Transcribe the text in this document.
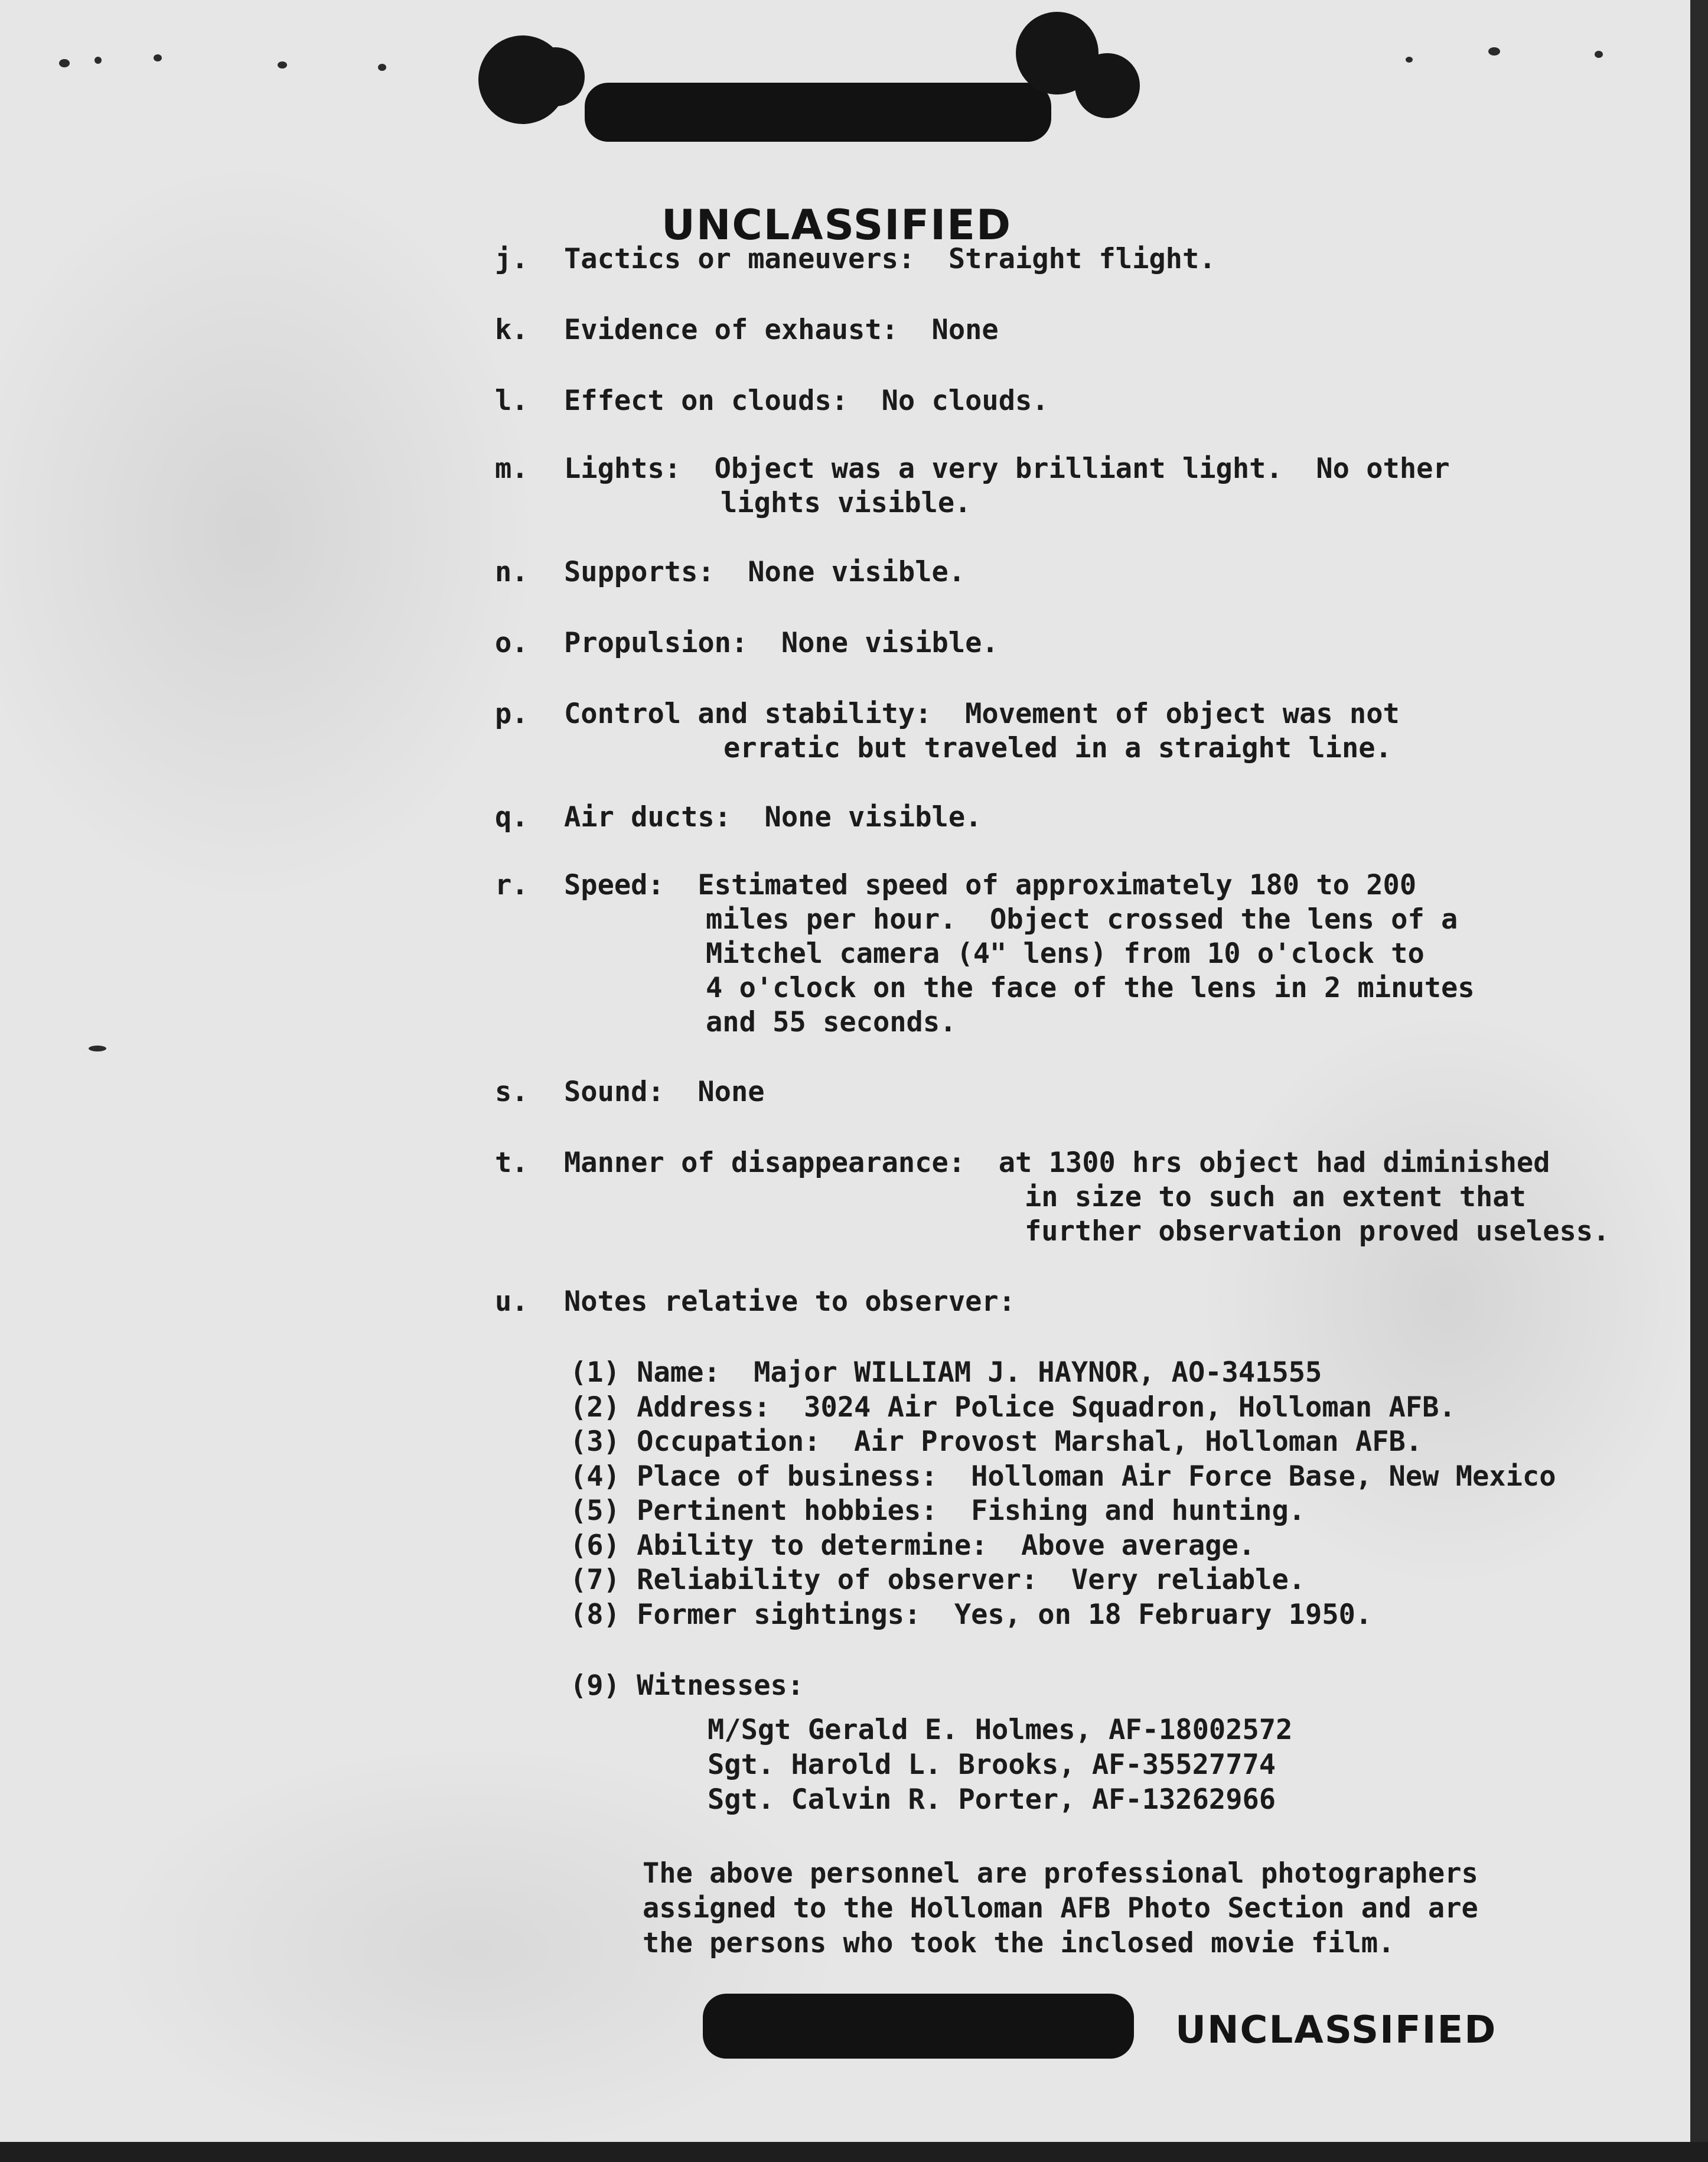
UNCLASSIFIED
j. Tactics or maneuvers:  Straight flight.
k. Evidence of exhaust:  None
l. Effect on clouds:  No clouds.
m. Lights:  Object was a very brilliant light.  No other
lights visible.
n. Supports:  None visible.
o. Propulsion:  None visible.
p. Control and stability:  Movement of object was not
erratic but traveled in a straight line.
q. Air ducts:  None visible.
r. Speed:  Estimated speed of approximately 180 to 200
miles per hour.  Object crossed the lens of a
Mitchel camera (4" lens) from 10 o'clock to
4 o'clock on the face of the lens in 2 minutes
and 55 seconds.
s. Sound:  None
t. Manner of disappearance:  at 1300 hrs object had diminished
in size to such an extent that
further observation proved useless.
u. Notes relative to observer:
(1) Name:  Major WILLIAM J. HAYNOR, AO-341555
(2) Address:  3024 Air Police Squadron, Holloman AFB.
(3) Occupation:  Air Provost Marshal, Holloman AFB.
(4) Place of business:  Holloman Air Force Base, New Mexico
(5) Pertinent hobbies:  Fishing and hunting.
(6) Ability to determine:  Above average.
(7) Reliability of observer:  Very reliable.
(8) Former sightings:  Yes, on 18 February 1950.
(9) Witnesses:
M/Sgt Gerald E. Holmes, AF-18002572
Sgt. Harold L. Brooks, AF-35527774
Sgt. Calvin R. Porter, AF-13262966
The above personnel are professional photographers
assigned to the Holloman AFB Photo Section and are
the persons who took the inclosed movie film.
UNCLASSIFIED
